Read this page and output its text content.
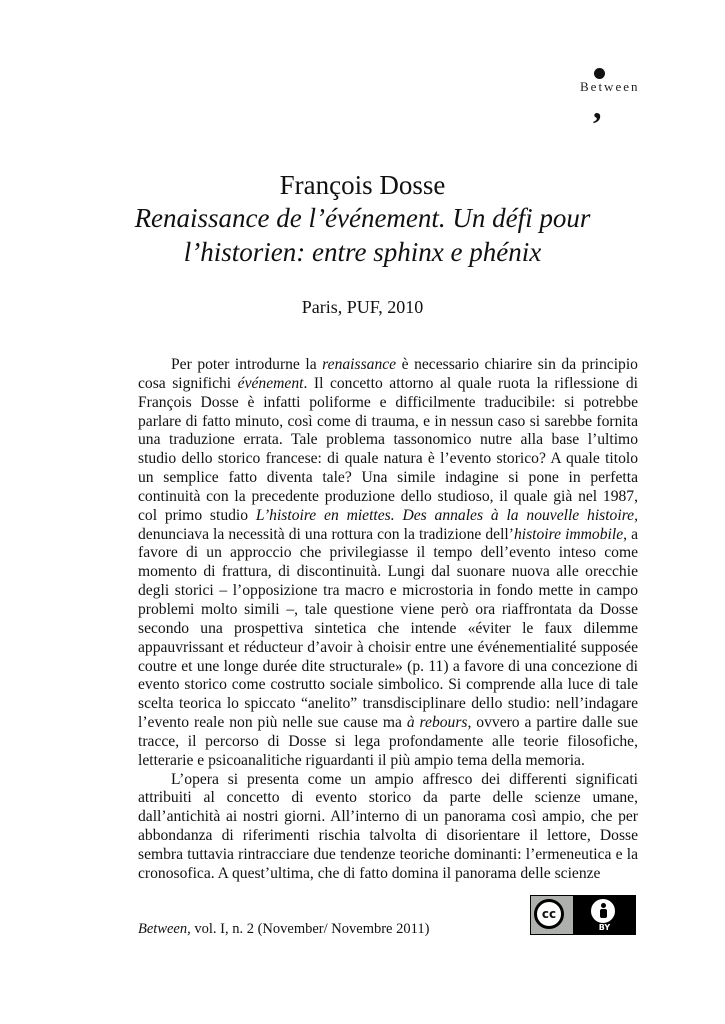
Between
,
François Dosse
Renaissance de l’événement. Un défi pour
l’historien: entre sphinx e phénix
Paris, PUF, 2010

Per poter introdurne la renaissance è necessario chiarire sin da principio cosa significhi événement. Il concetto attorno al quale ruota la riflessione di François Dosse è infatti poliforme e difficilmente traducibile: si potrebbe parlare di fatto minuto, così come di trauma, e in nessun caso si sarebbe fornita una traduzione errata. Tale problema tassonomico nutre alla base l’ultimo studio dello storico francese: di quale natura è l’evento storico? A quale titolo un semplice fatto diventa tale? Una simile indagine si pone in perfetta continuità con la precedente produzione dello studioso, il quale già nel 1987, col primo studio L’histoire en miettes. Des annales à la nouvelle histoire, denunciava la necessità di una rottura con la tradizione dell’histoire immobile, a favore di un approccio che privilegiasse il tempo dell’evento inteso come momento di frattura, di discontinuità. Lungi dal suonare nuova alle orecchie degli storici – l’opposizione tra macro e microstoria in fondo mette in campo problemi molto simili –, tale questione viene però ora riaffrontata da Dosse secondo una prospettiva sintetica che intende «éviter le faux dilemme appauvrissant et réducteur d’avoir à choisir entre une événementialité supposée coutre et une longe durée dite structurale» (p. 11) a favore di una concezione di evento storico come costrutto sociale simbolico. Si comprende alla luce di tale scelta teorica lo spiccato “anelito” transdisciplinare dello studio: nell’indagare l’evento reale non più nelle sue cause ma à rebours, ovvero a partire dalle sue tracce, il percorso di Dosse si lega profondamente alle teorie filosofiche, letterarie e psicoanalitiche riguardanti il più ampio tema della memoria.

L’opera si presenta come un ampio affresco dei differenti significati attribuiti al concetto di evento storico da parte delle scienze umane, dall’antichità ai nostri giorni. All’interno di un panorama così ampio, che per abbondanza di riferimenti rischia talvolta di disorientare il lettore, Dosse sembra tuttavia rintracciare due tendenze teoriche dominanti: l’ermeneutica e la cronosofica. A quest’ultima, che di fatto domina il panorama delle scienze

Between, vol. I, n. 2 (November/ Novembre 2011)
cc
BY
